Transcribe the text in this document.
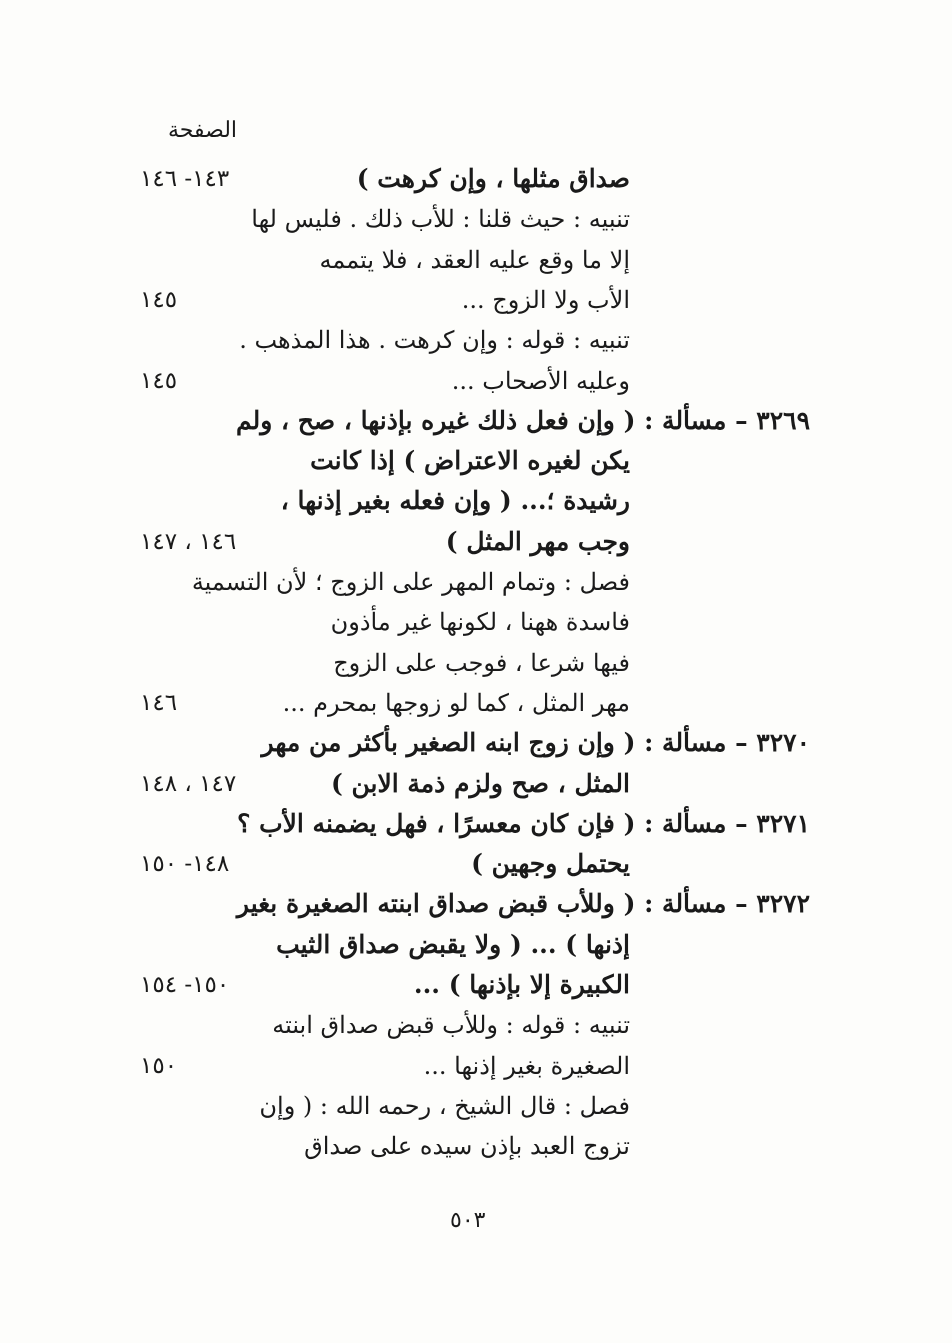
الصفحة
صداق مثلها ، وإن كرهت )
١٤٣- ١٤٦
تنبيه : حيث قلنا : للأب ذلك . فليس لها
إلا ما وقع عليه العقد ، فلا يتممه
الأب ولا الزوج ...
١٤٥
تنبيه : قوله : وإن كرهت . هذا المذهب .
وعليه الأصحاب ...
١٤٥
٣٢٦٩ – مسألة : ( وإن فعل ذلك غيره بإذنها ، صح ، ولم
يكن لغيره الاعتراض ) إذا كانت
رشيدة ؛... ( وإن فعله بغير إذنها ،
وجب مهر المثل )
١٤٦ ، ١٤٧
فصل : وتمام المهر على الزوج ؛ لأن التسمية
فاسدة ههنا ، لكونها غير مأذون
فيها شرعا ، فوجب على الزوج
مهر المثل ، كما لو زوجها بمحرم ...
١٤٦
٣٢٧٠ – مسألة : ( وإن زوج ابنه الصغير بأكثر من مهر
المثل ، صح ولزم ذمة الابن )
١٤٧ ، ١٤٨
٣٢٧١ – مسألة : ( فإن كان معسرًا ، فهل يضمنه الأب ؟
يحتمل وجهين )
١٤٨- ١٥٠
٣٢٧٢ – مسألة : ( وللأب قبض صداق ابنته الصغيرة بغير
إذنها ) ... ( ولا يقبض صداق الثيب
الكبيرة إلا بإذنها ) ...
١٥٠- ١٥٤
تنبيه : قوله : وللأب قبض صداق ابنته
الصغيرة بغير إذنها ...
١٥٠
فصل : قال الشيخ ، رحمه الله : ( وإن
تزوج العبد بإذن سيده على صداق
٥٠٣
